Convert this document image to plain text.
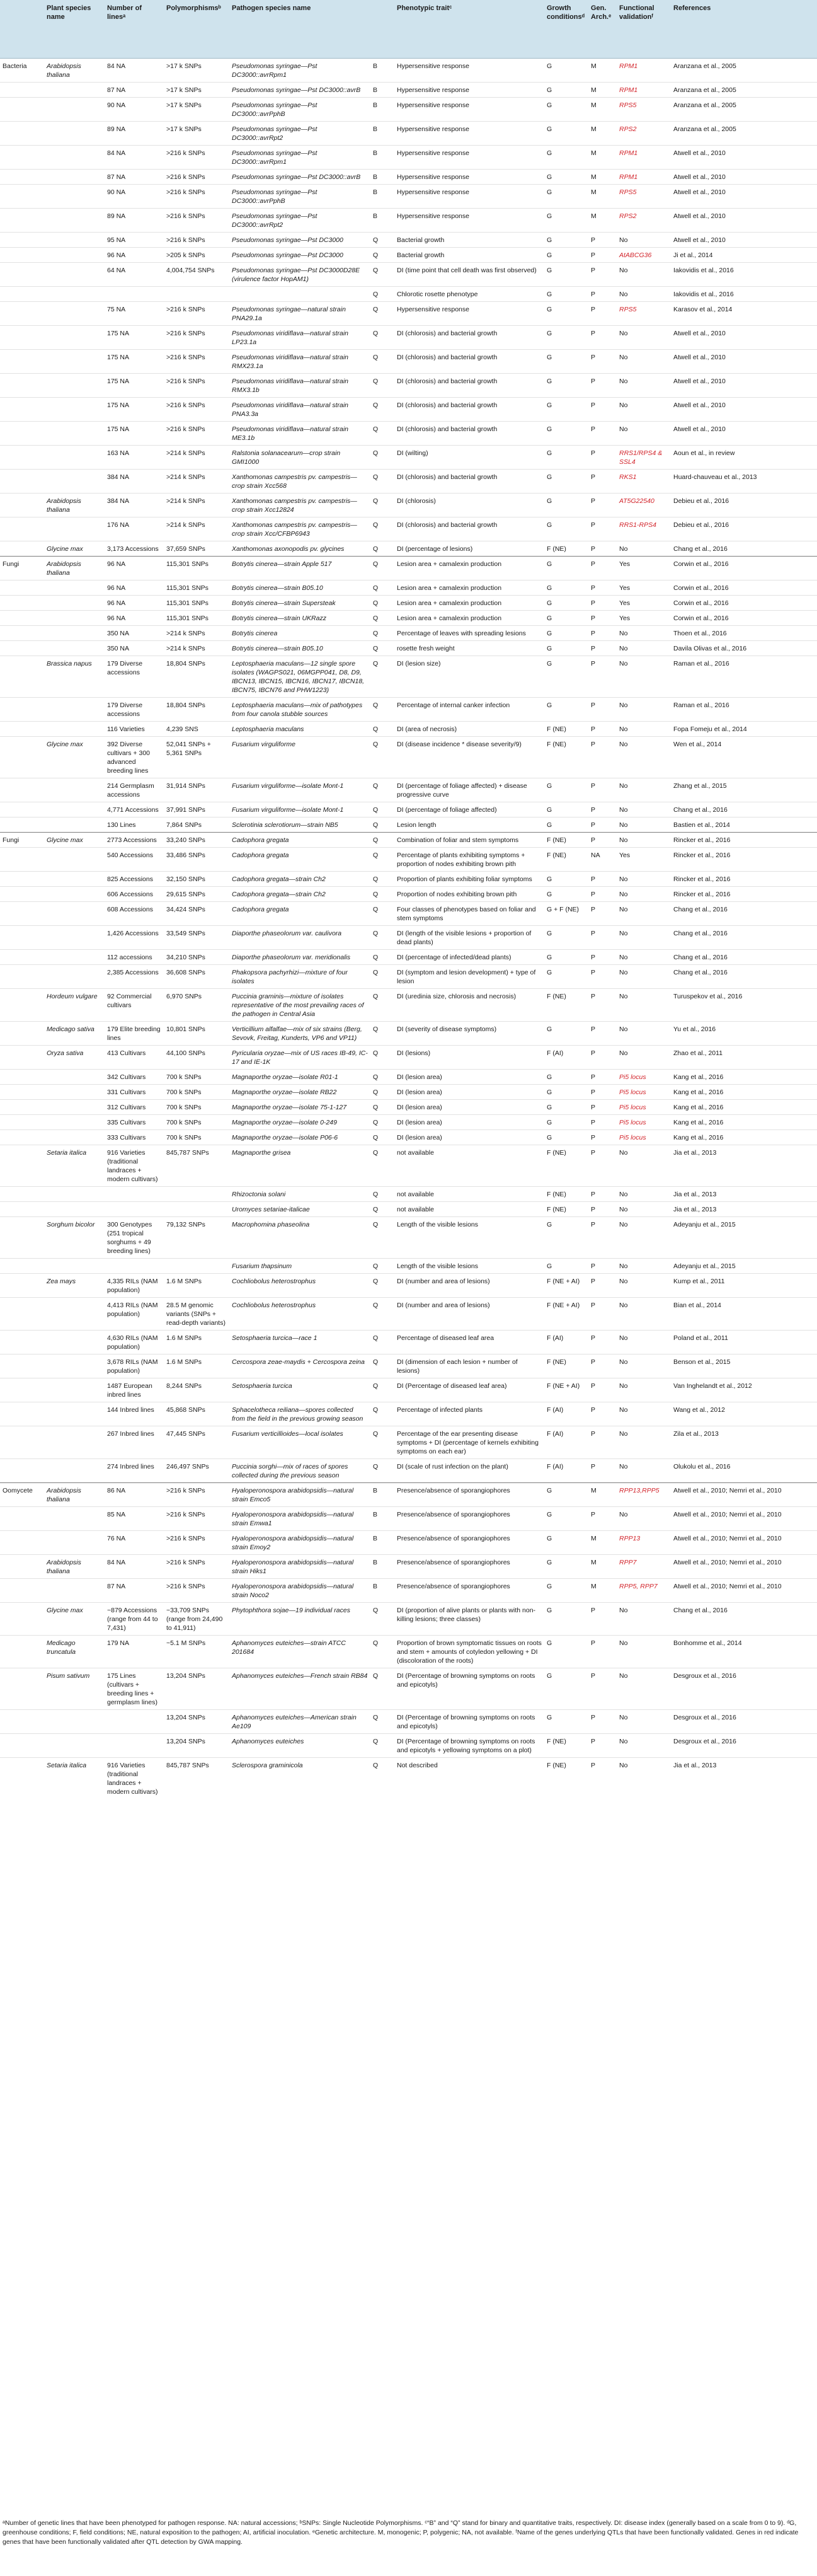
	Plant species name	Number of linesᵃ	Polymorphismsᵇ	Pathogen species name		Phenotypic traitᶜ	Growth conditionsᵈ	Gen. Arch.ᵉ	Functional validationᶠ	References
Bacteria	Arabidopsis thaliana	84 NA	>17 k SNPs	Pseudomonas syringae—Pst DC3000::avrRpm1	B	Hypersensitive response	G	M	RPM1	Aranzana et al., 2005
		87 NA	>17 k SNPs	Pseudomonas syringae—Pst DC3000::avrB	B	Hypersensitive response	G	M	RPM1	Aranzana et al., 2005
		90 NA	>17 k SNPs	Pseudomonas syringae—Pst DC3000::avrPphB	B	Hypersensitive response	G	M	RPS5	Aranzana et al., 2005
		89 NA	>17 k SNPs	Pseudomonas syringae—Pst DC3000::avrRpt2	B	Hypersensitive response	G	M	RPS2	Aranzana et al., 2005
		84 NA	>216 k SNPs	Pseudomonas syringae—Pst DC3000::avrRpm1	B	Hypersensitive response	G	M	RPM1	Atwell et al., 2010
		87 NA	>216 k SNPs	Pseudomonas syringae—Pst DC3000::avrB	B	Hypersensitive response	G	M	RPM1	Atwell et al., 2010
		90 NA	>216 k SNPs	Pseudomonas syringae—Pst DC3000::avrPphB	B	Hypersensitive response	G	M	RPS5	Atwell et al., 2010
		89 NA	>216 k SNPs	Pseudomonas syringae—Pst DC3000::avrRpt2	B	Hypersensitive response	G	M	RPS2	Atwell et al., 2010
		95 NA	>216 k SNPs	Pseudomonas syringae—Pst DC3000	Q	Bacterial growth	G	P	No	Atwell et al., 2010
		96 NA	>205 k SNPs	Pseudomonas syringae—Pst DC3000	Q	Bacterial growth	G	P	AtABCG36	Ji et al., 2014
		64 NA	4,004,754 SNPs	Pseudomonas syringae—Pst DC3000D28E (virulence factor HopAM1)	Q	DI (time point that cell death was first observed)	G	P	No	Iakovidis et al., 2016
					Q	Chlorotic rosette phenotype	G	P	No	Iakovidis et al., 2016
		75 NA	>216 k SNPs	Pseudomonas syringae—natural strain PNA29.1a	Q	Hypersensitive response	G	P	RPS5	Karasov et al., 2014
		175 NA	>216 k SNPs	Pseudomonas viridiflava—natural strain LP23.1a	Q	DI (chlorosis) and bacterial growth	G	P	No	Atwell et al., 2010
		175 NA	>216 k SNPs	Pseudomonas viridiflava—natural strain RMX23.1a	Q	DI (chlorosis) and bacterial growth	G	P	No	Atwell et al., 2010
		175 NA	>216 k SNPs	Pseudomonas viridiflava—natural strain RMX3.1b	Q	DI (chlorosis) and bacterial growth	G	P	No	Atwell et al., 2010
		175 NA	>216 k SNPs	Pseudomonas viridiflava—natural strain PNA3.3a	Q	DI (chlorosis) and bacterial growth	G	P	No	Atwell et al., 2010
		175 NA	>216 k SNPs	Pseudomonas viridiflava—natural strain ME3.1b	Q	DI (chlorosis) and bacterial growth	G	P	No	Atwell et al., 2010
		163 NA	>214 k SNPs	Ralstonia solanacearum—crop strain GMI1000	Q	DI (wilting)	G	P	RRS1/RPS4 & SSL4	Aoun et al., in review
		384 NA	>214 k SNPs	Xanthomonas campestris pv. campestris—crop strain Xcc568	Q	DI (chlorosis) and bacterial growth	G	P	RKS1	Huard-chauveau et al., 2013
	Arabidopsis thaliana	384 NA	>214 k SNPs	Xanthomonas campestris pv. campestris—crop strain Xcc12824	Q	DI (chlorosis)	G	P	AT5G22540	Debieu et al., 2016
		176 NA	>214 k SNPs	Xanthomonas campestris pv. campestris—crop strain Xcc/CFBP6943	Q	DI (chlorosis) and bacterial growth	G	P	RRS1-RPS4	Debieu et al., 2016
	Glycine max	3,173 Accessions	37,659 SNPs	Xanthomonas axonopodis pv. glycines	Q	DI (percentage of lesions)	F (NE)	P	No	Chang et al., 2016
Fungi	Arabidopsis thaliana	96 NA	115,301 SNPs	Botrytis cinerea—strain Apple 517	Q	Lesion area + camalexin production	G	P	Yes	Corwin et al., 2016
		96 NA	115,301 SNPs	Botrytis cinerea—strain B05.10	Q	Lesion area + camalexin production	G	P	Yes	Corwin et al., 2016
		96 NA	115,301 SNPs	Botrytis cinerea—strain Supersteak	Q	Lesion area + camalexin production	G	P	Yes	Corwin et al., 2016
		96 NA	115,301 SNPs	Botrytis cinerea—strain UKRazz	Q	Lesion area + camalexin production	G	P	Yes	Corwin et al., 2016
		350 NA	>214 k SNPs	Botrytis cinerea	Q	Percentage of leaves with spreading lesions	G	P	No	Thoen et al., 2016
		350 NA	>214 k SNPs	Botrytis cinerea—strain B05.10	Q	rosette fresh weight	G	P	No	Davila Olivas et al., 2016
	Brassica napus	179 Diverse accessions	18,804 SNPs	Leptosphaeria maculans—12 single spore isolates (WAGPS021, 06MGPP041, D8, D9, IBCN13, IBCN15, IBCN16, IBCN17, IBCN18, IBCN75, IBCN76 and PHW1223)	Q	DI (lesion size)	G	P	No	Raman et al., 2016
		179 Diverse accessions	18,804 SNPs	Leptosphaeria maculans—mix of pathotypes from four canola stubble sources	Q	Percentage of internal canker infection	G	P	No	Raman et al., 2016
		116 Varieties	4,239 SNS	Leptosphaeria maculans	Q	DI (area of necrosis)	F (NE)	P	No	Fopa Fomeju et al., 2014
	Glycine max	392 Diverse cultivars + 300 advanced breeding lines	52,041 SNPs + 5,361 SNPs	Fusarium virguliforme	Q	DI (disease incidence * disease severity/9)	F (NE)	P	No	Wen et al., 2014
		214 Germplasm accessions	31,914 SNPs	Fusarium virguliforme—isolate Mont-1	Q	DI (percentage of foliage affected) + disease progressive curve	G	P	No	Zhang et al., 2015
		4,771 Accessions	37,991 SNPs	Fusarium virguliforme—isolate Mont-1	Q	DI (percentage of foliage affected)	G	P	No	Chang et al., 2016
		130 Lines	7,864 SNPs	Sclerotinia sclerotiorum—strain NB5	Q	Lesion length	G	P	No	Bastien et al., 2014
Fungi	Glycine max	2773 Accessions	33,240 SNPs	Cadophora gregata	Q	Combination of foliar and stem symptoms	F (NE)	P	No	Rincker et al., 2016
		540 Accessions	33,486 SNPs	Cadophora gregata	Q	Percentage of plants exhibiting symptoms + proportion of nodes exhibiting brown pith	F (NE)	NA	Yes	Rincker et al., 2016
		825 Accessions	32,150 SNPs	Cadophora gregata—strain Ch2	Q	Proportion of plants exhibiting foliar symptoms	G	P	No	Rincker et al., 2016
		606 Accessions	29,615 SNPs	Cadophora gregata—strain Ch2	Q	Proportion of nodes exhibiting brown pith	G	P	No	Rincker et al., 2016
		608 Accessions	34,424 SNPs	Cadophora gregata	Q	Four classes of phenotypes based on foliar and stem symptoms	G + F (NE)	P	No	Chang et al., 2016
		1,426 Accessions	33,549 SNPs	Diaporthe phaseolorum var. caulivora	Q	DI (length of the visible lesions + proportion of dead plants)	G	P	No	Chang et al., 2016
		112 accessions	34,210 SNPs	Diaporthe phaseolorum var. meridionalis	Q	DI (percentage of infected/dead plants)	G	P	No	Chang et al., 2016
		2,385 Accessions	36,608 SNPs	Phakopsora pachyrhizi—mixture of four isolates	Q	DI (symptom and lesion development) + type of lesion	G	P	No	Chang et al., 2016
	Hordeum vulgare	92 Commercial cultivars	6,970 SNPs	Puccinia graminis—mixture of isolates representative of the most prevailing races of the pathogen in Central Asia	Q	DI (uredinia size, chlorosis and necrosis)	F (NE)	P	No	Turuspekov et al., 2016
	Medicago sativa	179 Elite breeding lines	10,801 SNPs	Verticillium alfalfae—mix of six strains (Berg, Sevovk, Freitag, Kunderts, VP6 and VP11)	Q	DI (severity of disease symptoms)	G	P	No	Yu et al., 2016
	Oryza sativa	413 Cultivars	44,100 SNPs	Pyricularia oryzae—mix of US races IB-49, IC-17 and IE-1K	Q	DI (lesions)	F (AI)	P	No	Zhao et al., 2011
		342 Cultivars	700 k SNPs	Magnaporthe oryzae—isolate R01-1	Q	DI (lesion area)	G	P	Pi5 locus	Kang et al., 2016
		331 Cultivars	700 k SNPs	Magnaporthe oryzae—isolate RB22	Q	DI (lesion area)	G	P	Pi5 locus	Kang et al., 2016
		312 Cultivars	700 k SNPs	Magnaporthe oryzae—isolate 75-1-127	Q	DI (lesion area)	G	P	Pi5 locus	Kang et al., 2016
		335 Cultivars	700 k SNPs	Magnaporthe oryzae—isolate 0-249	Q	DI (lesion area)	G	P	Pi5 locus	Kang et al., 2016
		333 Cultivars	700 k SNPs	Magnaporthe oryzae—isolate P06-6	Q	DI (lesion area)	G	P	Pi5 locus	Kang et al., 2016
	Setaria italica	916 Varieties (traditional landraces + modern cultivars)	845,787 SNPs	Magnaporthe grisea	Q	not available	F (NE)	P	No	Jia et al., 2013
				Rhizoctonia solani	Q	not available	F (NE)	P	No	Jia et al., 2013
				Uromyces setariae-italicae	Q	not available	F (NE)	P	No	Jia et al., 2013
	Sorghum bicolor	300 Genotypes (251 tropical sorghums + 49 breeding lines)	79,132 SNPs	Macrophomina phaseolina	Q	Length of the visible lesions	G	P	No	Adeyanju et al., 2015
				Fusarium thapsinum	Q	Length of the visible lesions	G	P	No	Adeyanju et al., 2015
	Zea mays	4,335 RILs (NAM population)	1.6 M SNPs	Cochliobolus heterostrophus	Q	DI (number and area of lesions)	F (NE + AI)	P	No	Kump et al., 2011
		4,413 RILs (NAM population)	28.5 M genomic variants (SNPs + read-depth variants)	Cochliobolus heterostrophus	Q	DI (number and area of lesions)	F (NE + AI)	P	No	Bian et al., 2014
		4,630 RILs (NAM population)	1.6 M SNPs	Setosphaeria turcica—race 1	Q	Percentage of diseased leaf area	F (AI)	P	No	Poland et al., 2011
		3,678 RILs (NAM population)	1.6 M SNPs	Cercospora zeae-maydis + Cercospora zeina	Q	DI (dimension of each lesion + number of lesions)	F (NE)	P	No	Benson et al., 2015
		1487 European inbred lines	8,244 SNPs	Setosphaeria turcica	Q	DI (Percentage of diseased leaf area)	F (NE + AI)	P	No	Van Inghelandt et al., 2012
		144 Inbred lines	45,868 SNPs	Sphacelotheca reiliana—spores collected from the field in the previous growing season	Q	Percentage of infected plants	F (AI)	P	No	Wang et al., 2012
		267 Inbred lines	47,445 SNPs	Fusarium verticillioides—local isolates	Q	Percentage of the ear presenting disease symptoms + DI (percentage of kernels exhibiting symptoms on each ear)	F (AI)	P	No	Zila et al., 2013
		274 Inbred lines	246,497 SNPs	Puccinia sorghi—mix of races of spores collected during the previous season	Q	DI (scale of rust infection on the plant)	F (AI)	P	No	Olukolu et al., 2016
Oomycete	Arabidopsis thaliana	86 NA	>216 k SNPs	Hyaloperonospora arabidopsidis—natural strain Emco5	B	Presence/absence of sporangiophores	G	M	RPP13,RPP5	Atwell et al., 2010; Nemri et al., 2010
		85 NA	>216 k SNPs	Hyaloperonospora arabidopsidis—natural strain Emwa1	B	Presence/absence of sporangiophores	G	P	No	Atwell et al., 2010; Nemri et al., 2010
		76 NA	>216 k SNPs	Hyaloperonospora arabidopsidis—natural strain Emoy2	B	Presence/absence of sporangiophores	G	M	RPP13	Atwell et al., 2010; Nemri et al., 2010
	Arabidopsis thaliana	84 NA	>216 k SNPs	Hyaloperonospora arabidopsidis—natural strain Hiks1	B	Presence/absence of sporangiophores	G	M	RPP7	Atwell et al., 2010; Nemri et al., 2010
		87 NA	>216 k SNPs	Hyaloperonospora arabidopsidis—natural strain Noco2	B	Presence/absence of sporangiophores	G	M	RPP5, RPP7	Atwell et al., 2010; Nemri et al., 2010
	Glycine max	~879 Accessions (range from 44 to 7,431)	~33,709 SNPs (range from 24,490 to 41,911)	Phytophthora sojae—19 individual races	Q	DI (proportion of alive plants or plants with non-killing lesions; three classes)	G	P	No	Chang et al., 2016
	Medicago truncatula	179 NA	~5.1 M SNPs	Aphanomyces euteiches—strain ATCC 201684	Q	Proportion of brown symptomatic tissues on roots and stem + amounts of cotyledon yellowing + DI (discoloration of the roots)	G	P	No	Bonhomme et al., 2014
	Pisum sativum	175 Lines (cultivars + breeding lines + germplasm lines)	13,204 SNPs	Aphanomyces euteiches—French strain RB84	Q	DI (Percentage of browning symptoms on roots and epicotyls)	G	P	No	Desgroux et al., 2016
			13,204 SNPs	Aphanomyces euteiches—American strain Ae109	Q	DI (Percentage of browning symptoms on roots and epicotyls)	G	P	No	Desgroux et al., 2016
			13,204 SNPs	Aphanomyces euteiches	Q	DI (Percentage of browning symptoms on roots and epicotyls + yellowing symptoms on a plot)	F (NE)	P	No	Desgroux et al., 2016
	Setaria italica	916 Varieties (traditional landraces + modern cultivars)	845,787 SNPs	Sclerospora graminicola	Q	Not described	F (NE)	P	No	Jia et al., 2013
ᵃNumber of genetic lines that have been phenotyped for pathogen response. NA: natural accessions; ᵇSNPs: Single Nucleotide Polymorphisms. ᶜ“B” and “Q” stand for binary and quantitative traits, respectively. DI: disease index (generally based on a scale from 0 to 9). ᵈG, greenhouse conditions; F, field conditions; NE, natural exposition to the pathogen; AI, artificial inoculation. ᵉGenetic architecture. M, monogenic; P, polygenic; NA, not available. ᶠName of the genes underlying QTLs that have been functionally validated. Genes in red indicate genes that have been functionally validated after QTL detection by GWA mapping.
